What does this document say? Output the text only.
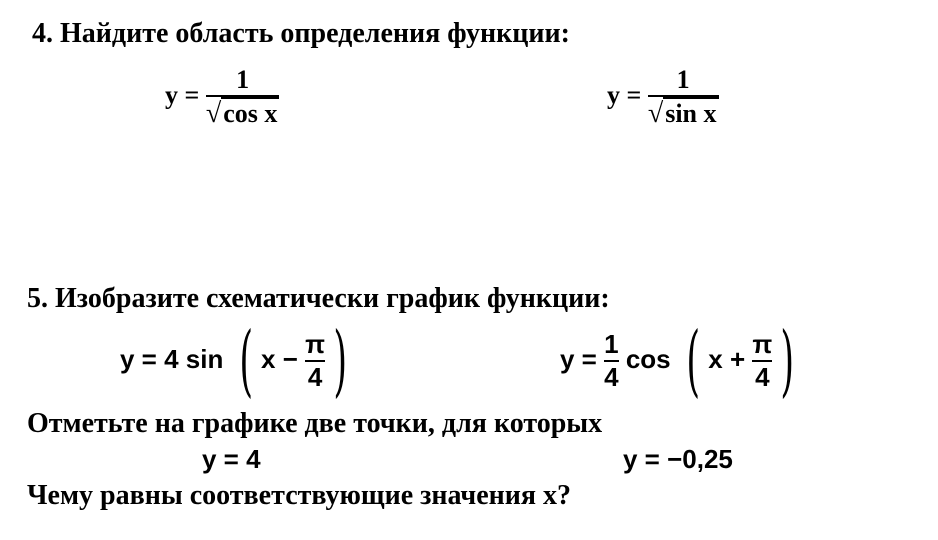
4. Найдите область определения функции:
$y = \frac{1}{\text{√cos x}}$	$y = \frac{1}{\text{√sin x}}$
5. Изобразите схематически график функции:
y = 4 sin ( $x - \frac{\pi}{4}$ )	$y = \frac{1}{4}$ cos ( $x + \frac{\pi}{4}$ )
Отметьте на графике две точки, для которых
y = 4	y = −0,25
Чему равны соответствующие значения x?
